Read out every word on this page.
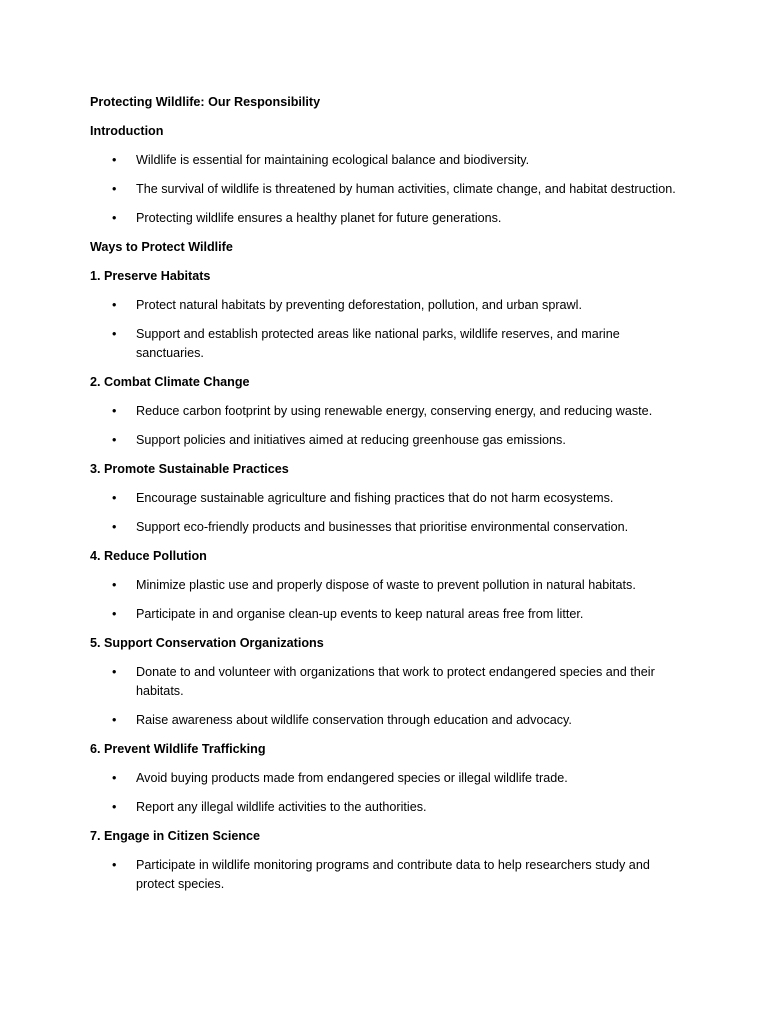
Protecting Wildlife: Our Responsibility
Introduction
• Wildlife is essential for maintaining ecological balance and biodiversity.
• The survival of wildlife is threatened by human activities, climate change, and habitat destruction.
• Protecting wildlife ensures a healthy planet for future generations.
Ways to Protect Wildlife
1. Preserve Habitats
• Protect natural habitats by preventing deforestation, pollution, and urban sprawl.
• Support and establish protected areas like national parks, wildlife reserves, and marine sanctuaries.
2. Combat Climate Change
• Reduce carbon footprint by using renewable energy, conserving energy, and reducing waste.
• Support policies and initiatives aimed at reducing greenhouse gas emissions.
3. Promote Sustainable Practices
• Encourage sustainable agriculture and fishing practices that do not harm ecosystems.
• Support eco-friendly products and businesses that prioritise environmental conservation.
4. Reduce Pollution
• Minimize plastic use and properly dispose of waste to prevent pollution in natural habitats.
• Participate in and organise clean-up events to keep natural areas free from litter.
5. Support Conservation Organizations
• Donate to and volunteer with organizations that work to protect endangered species and their habitats.
• Raise awareness about wildlife conservation through education and advocacy.
6. Prevent Wildlife Trafficking
• Avoid buying products made from endangered species or illegal wildlife trade.
• Report any illegal wildlife activities to the authorities.
7. Engage in Citizen Science
• Participate in wildlife monitoring programs and contribute data to help researchers study and protect species.
